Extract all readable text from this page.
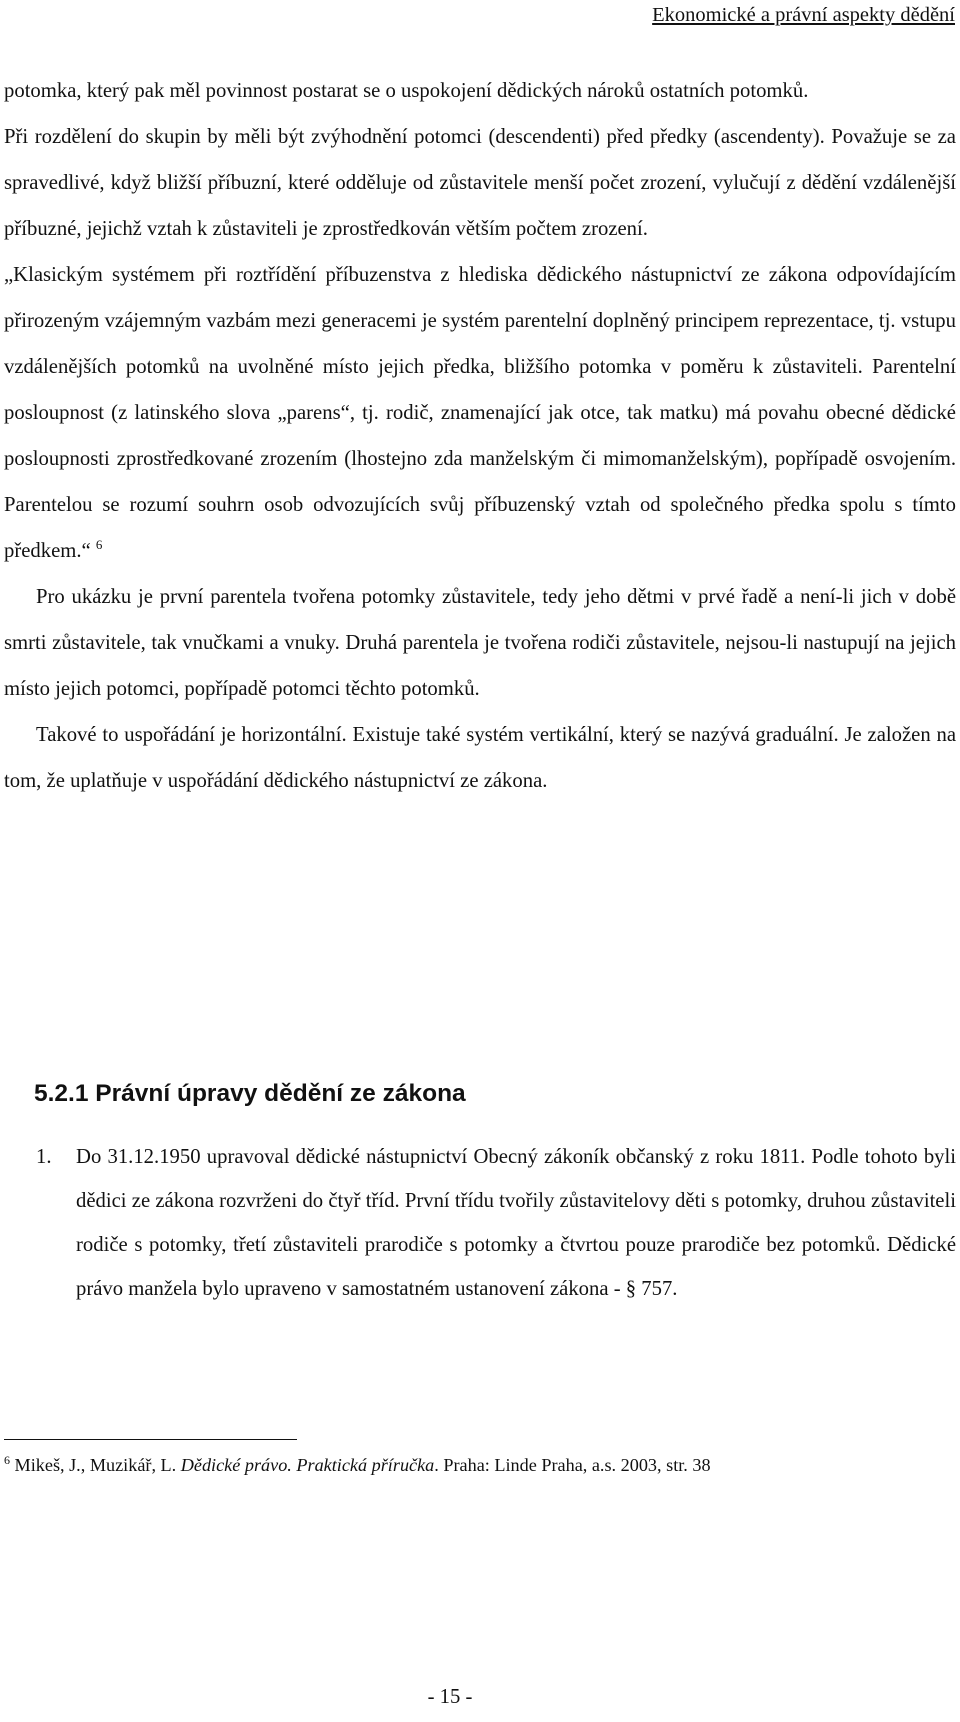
Ekonomické a právní aspekty dědění

potomka, který pak měl povinnost postarat se o uspokojení dědických nároků ostatních potomků.

Při rozdělení do skupin by měli být zvýhodnění potomci (descendenti) před předky (ascendenty). Považuje se za spravedlivé, když bližší příbuzní, které odděluje od zůstavitele menší počet zrození, vylučují z dědění vzdálenější příbuzné, jejichž vztah k zůstaviteli je zprostředkován větším počtem zrození.

„Klasickým systémem při roztřídění příbuzenstva z hlediska dědického nástupnictví ze zákona odpovídajícím přirozeným vzájemným vazbám mezi generacemi je systém parentelní doplněný principem reprezentace, tj. vstupu vzdálenějších potomků na uvolněné místo jejich předka, bližšího potomka v poměru k zůstaviteli. Parentelní posloupnost (z latinského slova „parens“, tj. rodič, znamenající jak otce, tak matku) má povahu obecné dědické posloupnosti zprostředkované zrozením (lhostejno zda manželským či mimomanželským), popřípadě osvojením. Parentelou se rozumí souhrn osob odvozujících svůj příbuzenský vztah od společného předka spolu s tímto předkem.“ $^6$

Pro ukázku je první parentela tvořena potomky zůstavitele, tedy jeho dětmi v prvé řadě a není-li jich v době smrti zůstavitele, tak vnučkami a vnuky. Druhá parentela je tvořena rodiči zůstavitele, nejsou-li nastupují na jejich místo jejich potomci, popřípadě potomci těchto potomků.

Takové to uspořádání je horizontální. Existuje také systém vertikální, který se nazývá graduální. Je založen na tom, že uplatňuje v uspořádání dědického nástupnictví ze zákona.

5.2.1 Právní úpravy dědění ze zákona
1. Do 31.12.1950 upravoval dědické nástupnictví Obecný zákoník občanský z roku 1811. Podle tohoto byli dědici ze zákona rozvrženi do čtyř tříd. První třídu tvořily zůstavitelovy děti s potomky, druhou zůstaviteli rodiče s potomky, třetí zůstaviteli prarodiče s potomky a čtvrtou pouze prarodiče bez potomků. Dědické právo manžela bylo upraveno v samostatném ustanovení zákona - § 757.
$^6$ Mikeš, J., Muzikář, L. Dědické právo. Praktická příručka. Praha: Linde Praha, a.s. 2003, str. 38
- 15 -
